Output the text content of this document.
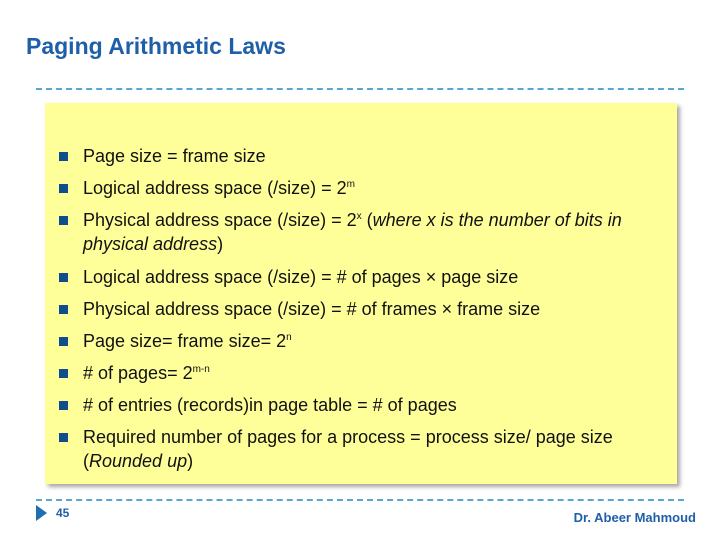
Paging Arithmetic Laws
Page size = frame size
Logical address space (/size) = $2^m$
Physical address space (/size) = $2^x$ (where x is the number of bits in physical address)
Logical address space (/size) = # of pages × page size
Physical address space (/size) = # of frames × frame size
Page size= frame size= $2^n$
# of pages= $2^{m-n}$
# of entries (records)in page table = # of pages
Required number of pages for a process = process size/ page size (Rounded up)
45	Dr. Abeer Mahmoud
